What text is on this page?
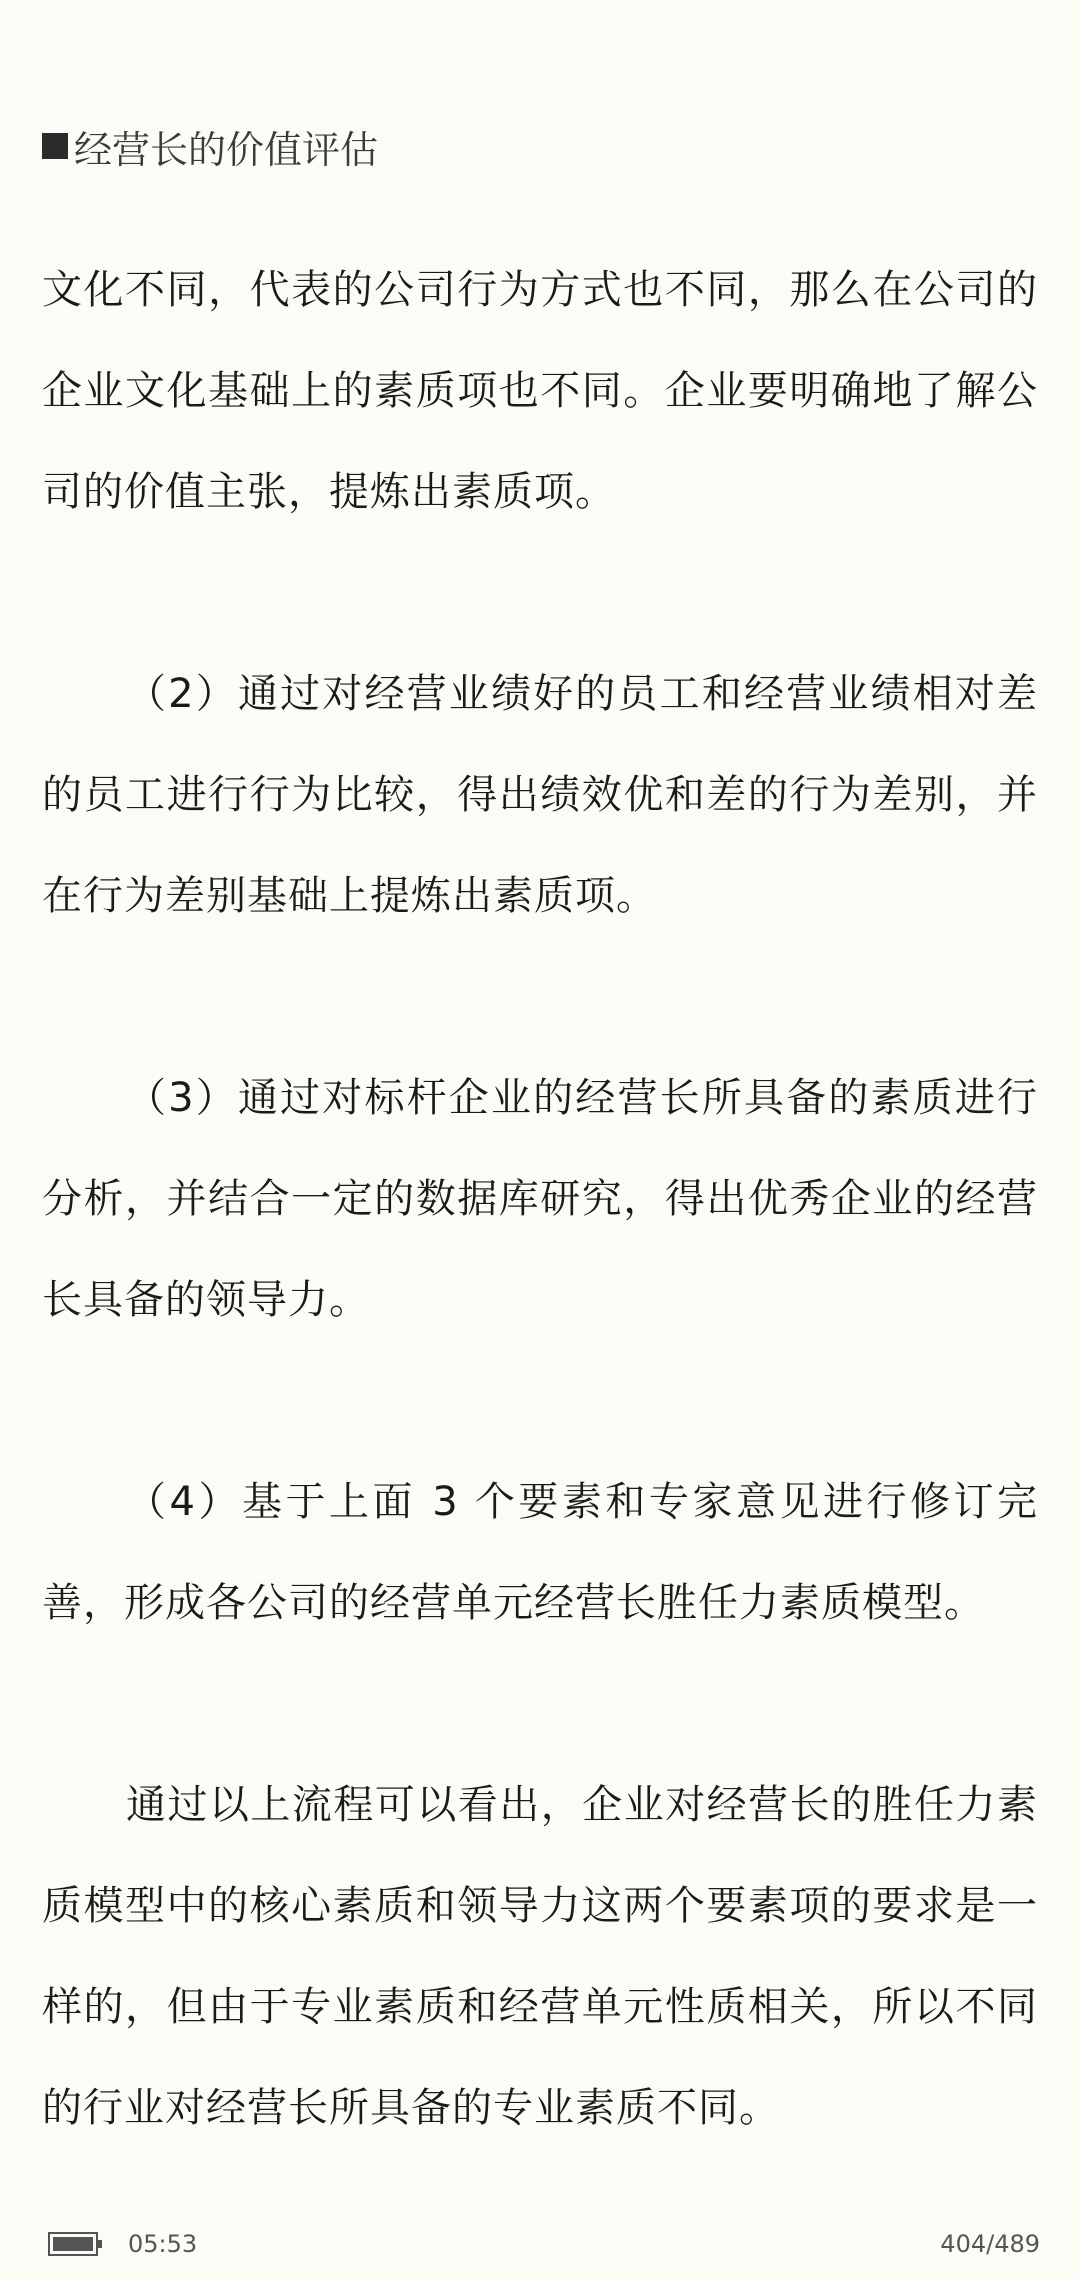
经营长的价值评估

文化不同，代表的公司行为方式也不同，那么在公司的企业文化基础上的素质项也不同。企业要明确地了解公司的价值主张，提炼出素质项。

（2）通过对经营业绩好的员工和经营业绩相对差的员工进行行为比较，得出绩效优和差的行为差别，并在行为差别基础上提炼出素质项。

（3）通过对标杆企业的经营长所具备的素质进行分析，并结合一定的数据库研究，得出优秀企业的经营长具备的领导力。

（4）基于上面 3 个要素和专家意见进行修订完善，形成各公司的经营单元经营长胜任力素质模型。

通过以上流程可以看出，企业对经营长的胜任力素质模型中的核心素质和领导力这两个要素项的要求是一样的，但由于专业素质和经营单元性质相关，所以不同的行业对经营长所具备的专业素质不同。

05:53	404/489
